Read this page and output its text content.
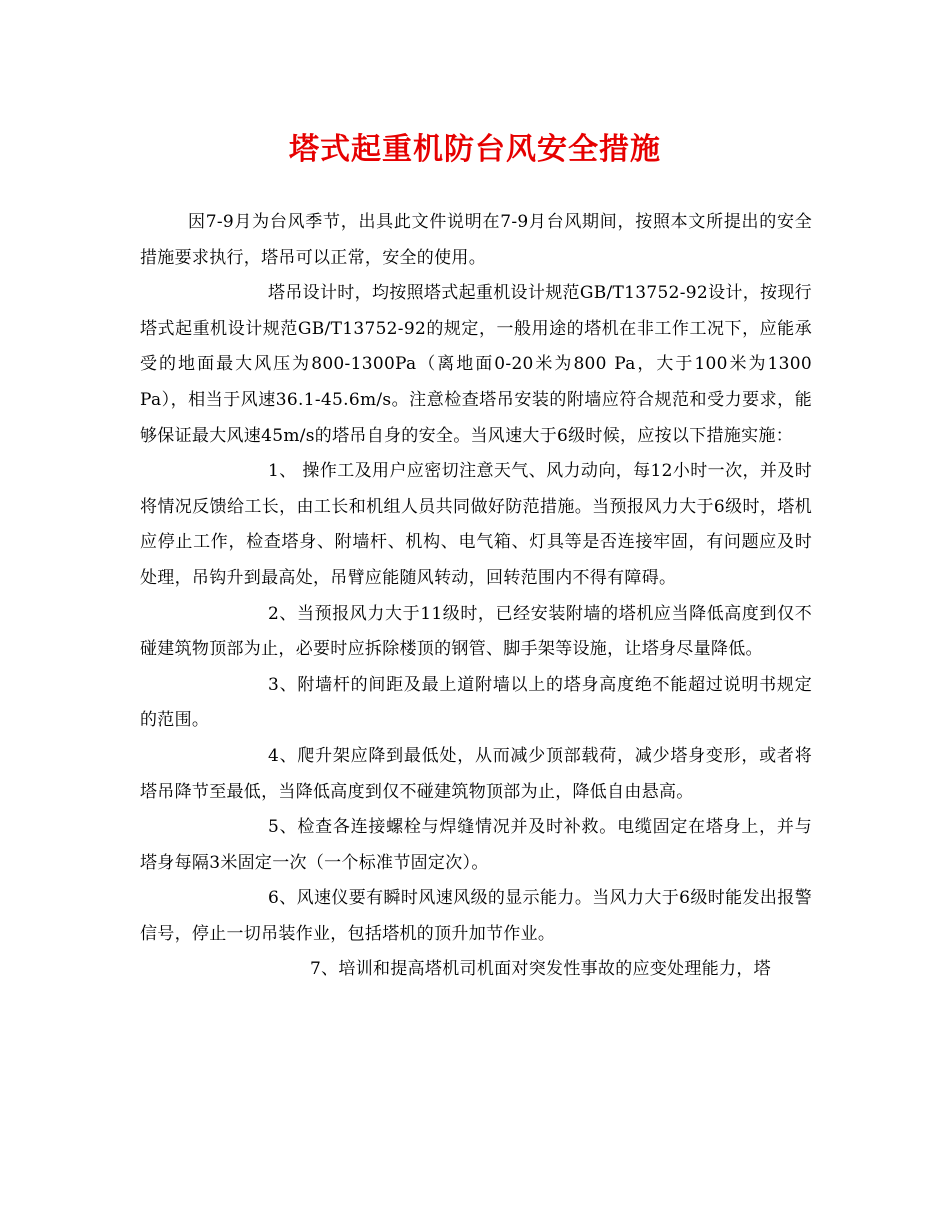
塔式起重机防台风安全措施

因7-9月为台风季节，出具此文件说明在7-9月台风期间，按照本文所提出的安全措施要求执行，塔吊可以正常，安全的使用。

塔吊设计时，均按照塔式起重机设计规范GB/T13752-92设计，按现行塔式起重机设计规范GB/T13752-92的规定，一般用途的塔机在非工作工况下，应能承受的地面最大风压为800-1300Pa（离地面0-20米为800 Pa，大于100米为1300 Pa），相当于风速36.1-45.6m/s。注意检查塔吊安装的附墙应符合规范和受力要求，能够保证最大风速45m/s的塔吊自身的安全。当风速大于6级时候，应按以下措施实施：

1、 操作工及用户应密切注意天气、风力动向，每12小时一次，并及时将情况反馈给工长，由工长和机组人员共同做好防范措施。当预报风力大于6级时，塔机应停止工作，检查塔身、附墙杆、机构、电气箱、灯具等是否连接牢固，有问题应及时处理，吊钩升到最高处，吊臂应能随风转动，回转范围内不得有障碍。

2、当预报风力大于11级时，已经安装附墙的塔机应当降低高度到仅不碰建筑物顶部为止，必要时应拆除楼顶的钢管、脚手架等设施，让塔身尽量降低。

3、附墙杆的间距及最上道附墙以上的塔身高度绝不能超过说明书规定的范围。

4、爬升架应降到最低处，从而减少顶部载荷，减少塔身变形，或者将塔吊降节至最低，当降低高度到仅不碰建筑物顶部为止，降低自由悬高。

5、检查各连接螺栓与焊缝情况并及时补救。电缆固定在塔身上，并与塔身每隔3米固定一次（一个标准节固定次）。

6、风速仪要有瞬时风速风级的显示能力。当风力大于6级时能发出报警信号，停止一切吊装作业，包括塔机的顶升加节作业。

7、培训和提高塔机司机面对突发性事故的应变处理能力，塔
